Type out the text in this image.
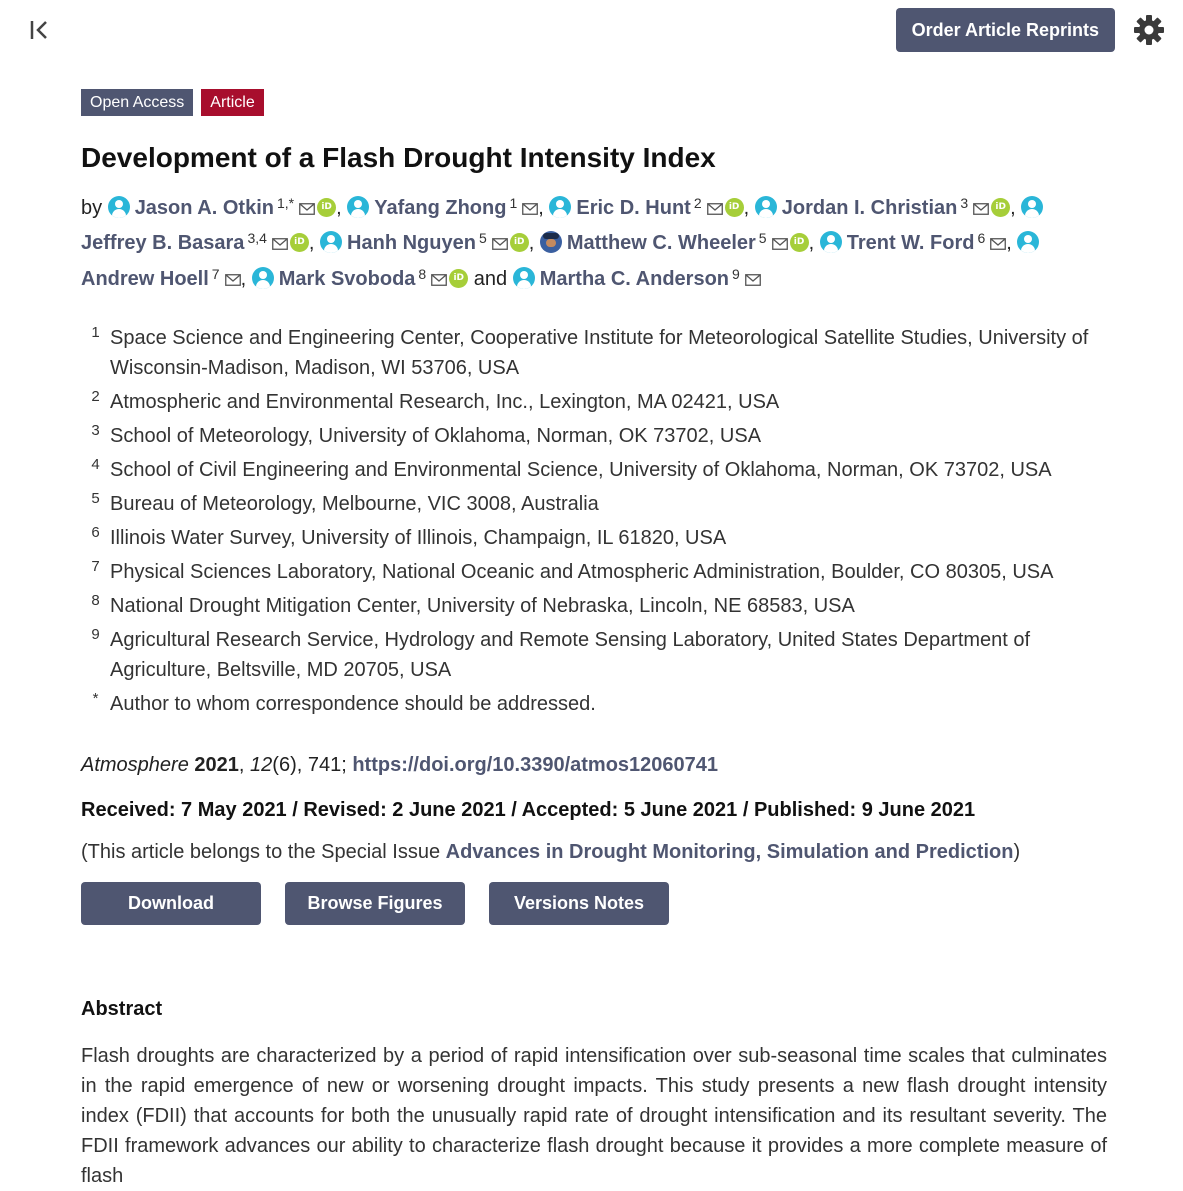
Order Article Reprints
Open Access	Article
Development of a Flash Drought Intensity Index
by Jason A. Otkin $^{1,*}$	iD , Yafang Zhong $^1$ , Eric D. Hunt $^2$	iD , Jordan I. Christian $^3$	iD , Jeffrey B. Basara $^{3,4}$	iD , Hanh Nguyen $^5$	iD , Matthew C. Wheeler $^5$	iD , Trent W. Ford $^6$ , Andrew Hoell $^7$ , Mark Svoboda $^8$	iD and Martha C. Anderson $^9$
1 Space Science and Engineering Center, Cooperative Institute for Meteorological Satellite Studies, University of Wisconsin-Madison, Madison, WI 53706, USA
2 Atmospheric and Environmental Research, Inc., Lexington, MA 02421, USA
3 School of Meteorology, University of Oklahoma, Norman, OK 73702, USA
4 School of Civil Engineering and Environmental Science, University of Oklahoma, Norman, OK 73702, USA
5 Bureau of Meteorology, Melbourne, VIC 3008, Australia
6 Illinois Water Survey, University of Illinois, Champaign, IL 61820, USA
7 Physical Sciences Laboratory, National Oceanic and Atmospheric Administration, Boulder, CO 80305, USA
8 National Drought Mitigation Center, University of Nebraska, Lincoln, NE 68583, USA
9 Agricultural Research Service, Hydrology and Remote Sensing Laboratory, United States Department of Agriculture, Beltsville, MD 20705, USA
* Author to whom correspondence should be addressed.
Atmosphere 2021, 12(6), 741; https://doi.org/10.3390/atmos12060741
Received: 7 May 2021 / Revised: 2 June 2021 / Accepted: 5 June 2021 / Published: 9 June 2021
(This article belongs to the Special Issue Advances in Drought Monitoring, Simulation and Prediction)
Download	Browse Figures	Versions Notes
Abstract
Flash droughts are characterized by a period of rapid intensification over sub-seasonal time scales that culminates in the rapid emergence of new or worsening drought impacts. This study presents a new flash drought intensity index (FDII) that accounts for both the unusually rapid rate of drought intensification and its resultant severity. The FDII framework advances our ability to characterize flash drought because it provides a more complete measure of flash
